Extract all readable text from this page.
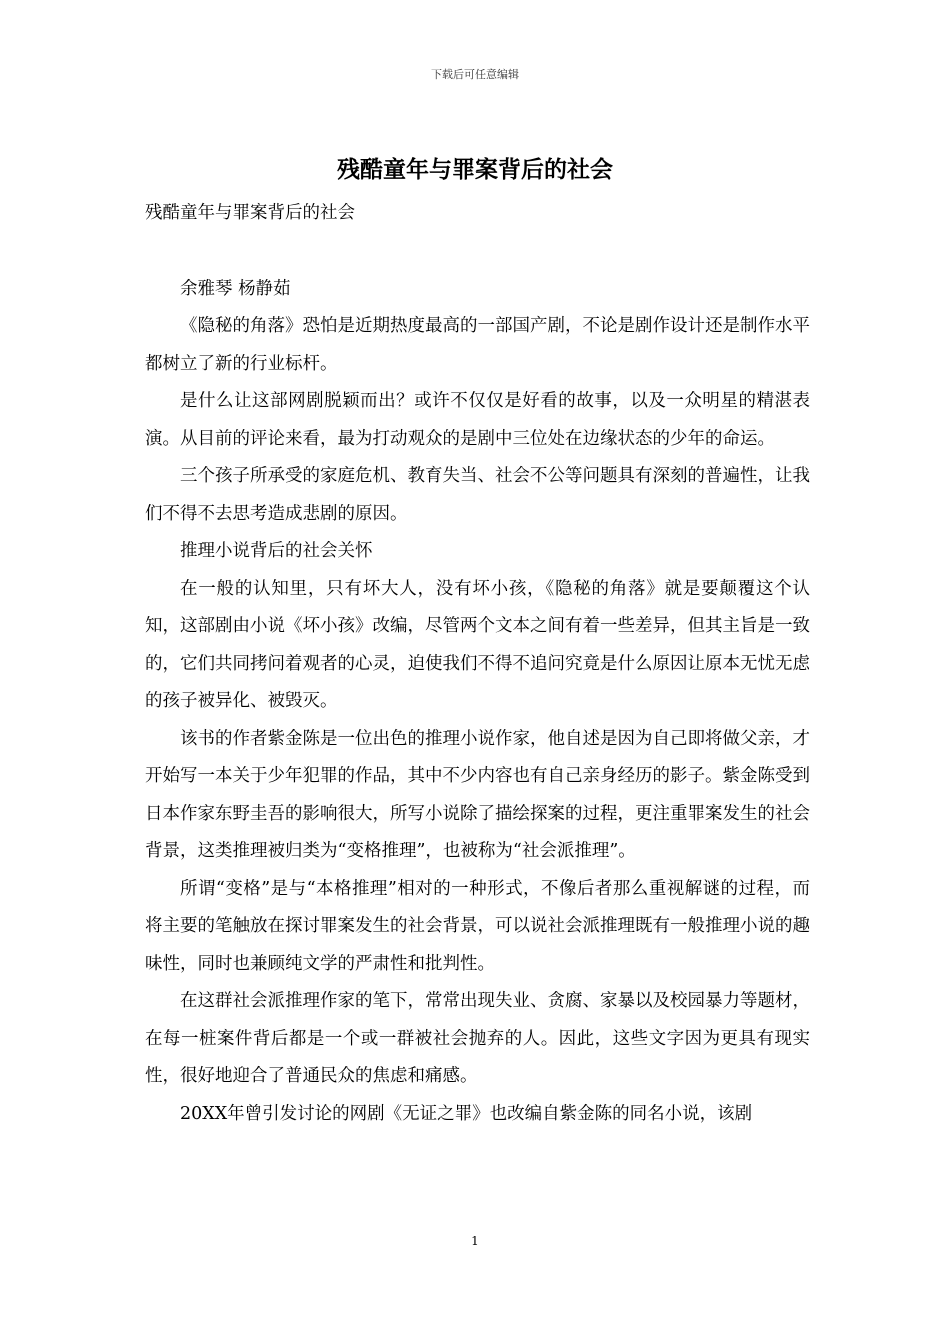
下载后可任意编辑
残酷童年与罪案背后的社会

残酷童年与罪案背后的社会

余雅琴 杨静茹

《隐秘的角落》恐怕是近期热度最高的一部国产剧，不论是剧作设计还是制作水平都树立了新的行业标杆。

是什么让这部网剧脱颖而出？或许不仅仅是好看的故事，以及一众明星的精湛表演。从目前的评论来看，最为打动观众的是剧中三位处在边缘状态的少年的命运。

三个孩子所承受的家庭危机、教育失当、社会不公等问题具有深刻的普遍性，让我们不得不去思考造成悲剧的原因。

推理小说背后的社会关怀

在一般的认知里，只有坏大人，没有坏小孩，《隐秘的角落》就是要颠覆这个认知，这部剧由小说《坏小孩》改编，尽管两个文本之间有着一些差异，但其主旨是一致的，它们共同拷问着观者的心灵，迫使我们不得不追问究竟是什么原因让原本无忧无虑的孩子被异化、被毁灭。

该书的作者紫金陈是一位出色的推理小说作家，他自述是因为自己即将做父亲，才开始写一本关于少年犯罪的作品，其中不少内容也有自己亲身经历的影子。紫金陈受到日本作家东野圭吾的影响很大，所写小说除了描绘探案的过程，更注重罪案发生的社会背景，这类推理被归类为“变格推理”，也被称为“社会派推理”。

所谓“变格”是与“本格推理”相对的一种形式，不像后者那么重视解谜的过程，而将主要的笔触放在探讨罪案发生的社会背景，可以说社会派推理既有一般推理小说的趣味性，同时也兼顾纯文学的严肃性和批判性。

在这群社会派推理作家的笔下，常常出现失业、贪腐、家暴以及校园暴力等题材，在每一桩案件背后都是一个或一群被社会抛弃的人。因此，这些文字因为更具有现实性，很好地迎合了普通民众的焦虑和痛感。

20XX年曾引发讨论的网剧《无证之罪》也改编自紫金陈的同名小说，该剧

1
